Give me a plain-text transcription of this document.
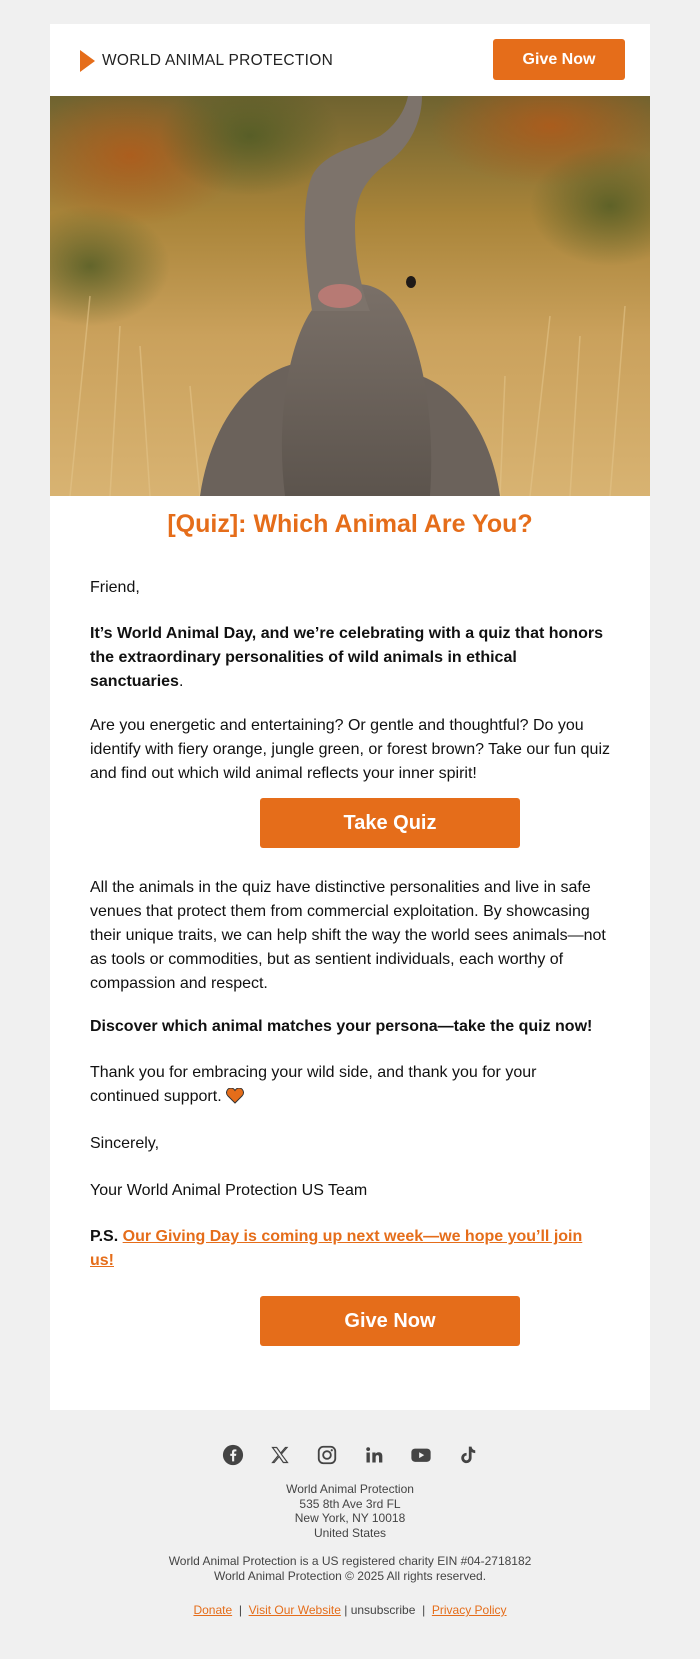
WORLD ANIMAL PROTECTION	Give Now
[Quiz]: Which Animal Are You?

Friend,

It’s World Animal Day, and we’re celebrating with a quiz that honors the extraordinary personalities of wild animals in ethical sanctuaries.

Are you energetic and entertaining? Or gentle and thoughtful? Do you identify with fiery orange, jungle green, or forest brown? Take our fun quiz and find out which wild animal reflects your inner spirit!

Take Quiz

All the animals in the quiz have distinctive personalities and live in safe venues that protect them from commercial exploitation. By showcasing their unique traits, we can help shift the way the world sees animals—not as tools or commodities, but as sentient individuals, each worthy of compassion and respect.

Discover which animal matches your persona—take the quiz now!

Thank you for embracing your wild side, and thank you for your continued support.

Sincerely,

Your World Animal Protection US Team

P.S. Our Giving Day is coming up next week—we hope you’ll join us!

Give Now
World Animal Protection
535 8th Ave 3rd FL
New York, NY 10018
United States
World Animal Protection is a US registered charity EIN #04-2718182
World Animal Protection © 2025 All rights reserved.
Donate | Visit Our Website | unsubscribe | Privacy Policy
